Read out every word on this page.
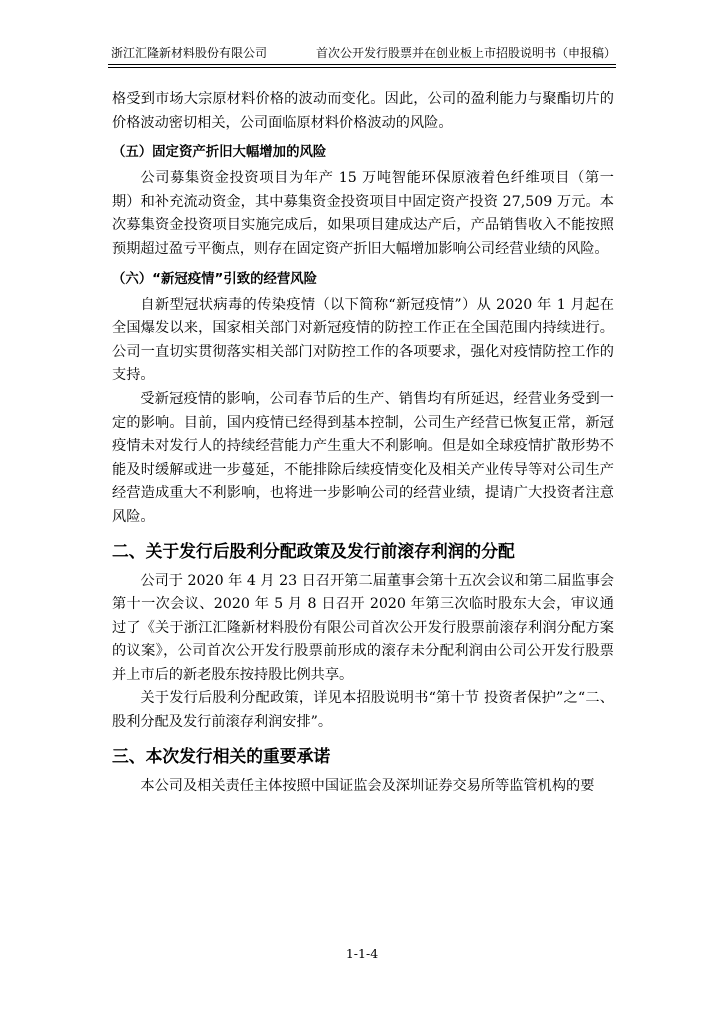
浙江汇隆新材料股份有限公司	首次公开发行股票并在创业板上市招股说明书（申报稿）

格受到市场大宗原材料价格的波动而变化。因此，公司的盈利能力与聚酯切片的价格波动密切相关，公司面临原材料价格波动的风险。

（五）固定资产折旧大幅增加的风险

公司募集资金投资项目为年产 15 万吨智能环保原液着色纤维项目（第一期）和补充流动资金，其中募集资金投资项目中固定资产投资 27,509 万元。本次募集资金投资项目实施完成后，如果项目建成达产后，产品销售收入不能按照预期超过盈亏平衡点，则存在固定资产折旧大幅增加影响公司经营业绩的风险。

（六）“新冠疫情”引致的经营风险

自新型冠状病毒的传染疫情（以下简称“新冠疫情”）从 2020 年 1 月起在全国爆发以来，国家相关部门对新冠疫情的防控工作正在全国范围内持续进行。公司一直切实贯彻落实相关部门对防控工作的各项要求，强化对疫情防控工作的支持。

受新冠疫情的影响，公司春节后的生产、销售均有所延迟，经营业务受到一定的影响。目前，国内疫情已经得到基本控制，公司生产经营已恢复正常，新冠疫情未对发行人的持续经营能力产生重大不利影响。但是如全球疫情扩散形势不能及时缓解或进一步蔓延，不能排除后续疫情变化及相关产业传导等对公司生产经营造成重大不利影响，也将进一步影响公司的经营业绩，提请广大投资者注意风险。

二、关于发行后股利分配政策及发行前滚存利润的分配

公司于 2020 年 4 月 23 日召开第二届董事会第十五次会议和第二届监事会第十一次会议、2020 年 5 月 8 日召开 2020 年第三次临时股东大会，审议通过了《关于浙江汇隆新材料股份有限公司首次公开发行股票前滚存利润分配方案的议案》，公司首次公开发行股票前形成的滚存未分配利润由公司公开发行股票并上市后的新老股东按持股比例共享。

关于发行后股利分配政策，详见本招股说明书“第十节 投资者保护”之“二、股利分配及发行前滚存利润安排”。

三、本次发行相关的重要承诺

本公司及相关责任主体按照中国证监会及深圳证券交易所等监管机构的要

1-1-4
